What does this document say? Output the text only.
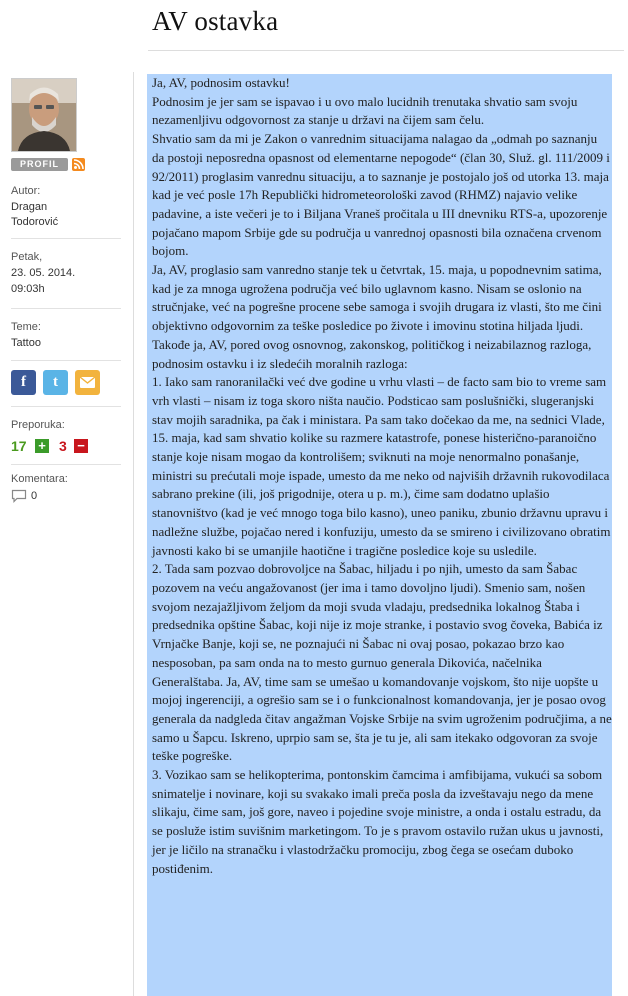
AV ostavka
PROFIL
Autor:
Dragan Todorović
Petak,
23. 05. 2014.
09:03h
Teme:
Tattoo
f	t
Preporuka:
17 + 3 −
Komentara:
0

Ja, AV, podnosim ostavku!

Podnosim je jer sam se ispavao i u ovo malo lucidnih trenutaka shvatio sam svoju nezamenljivu odgovornost za stanje u državi na čijem sam čelu.

Shvatio sam da mi je Zakon o vanrednim situacijama nalagao da „odmah po saznanju da postoji neposredna opasnost od elementarne nepogode“ (član 30, Služ. gl. 111/2009 i 92/2011) proglasim vanrednu situaciju, a to saznanje je postojalo još od utorka 13. maja kad je već posle 17h Republički hidrometeorološki zavod (RHMZ) najavio velike padavine, a iste večeri je to i Biljana Vraneš pročitala u III dnevniku RTS-a, upozorenje pojačano mapom Srbije gde su područja u vanrednoj opasnosti bila označena crvenom bojom.

Ja, AV, proglasio sam vanredno stanje tek u četvrtak, 15. maja, u popodnevnim satima, kad je za mnoga ugrožena područja već bilo uglavnom kasno. Nisam se oslonio na stručnjake, već na pogrešne procene sebe samoga i svojih drugara iz vlasti, što me čini objektivno odgovornim za teške posledice po živote i imovinu stotina hiljada ljudi.

Takođe ja, AV, pored ovog osnovnog, zakonskog, političkog i neizabilaznog razloga, podnosim ostavku i iz sledećih moralnih razloga:

1. Iako sam ranoranilački već dve godine u vrhu vlasti – de facto sam bio to vreme sam vrh vlasti – nisam iz toga skoro ništa naučio. Podsticao sam poslušnički, slugeranjski stav mojih saradnika, pa čak i ministara. Pa sam tako dočekao da me, na sednici Vlade, 15. maja, kad sam shvatio kolike su razmere katastrofe, ponese histerično-paranoično stanje koje nisam mogao da kontrolišem; sviknuti na moje nenormalno ponašanje, ministri su prećutali moje ispade, umesto da me neko od najviših državnih rukovodilaca sabrano prekine (ili, još prigodnije, otera u p. m.), čime sam dodatno uplašio stanovništvo (kad je već mnogo toga bilo kasno), uneo paniku, zbunio državnu upravu i nadležne službe, pojačao nered i konfuziju, umesto da se smireno i civilizovano obratim javnosti kako bi se umanjile haotične i tragične posledice koje su usledile.

2. Tada sam pozvao dobrovoljce na Šabac, hiljadu i po njih, umesto da sam Šabac pozovem na veću angažovanost (jer ima i tamo dovoljno ljudi). Smenio sam, nošen svojom nezajažljivom željom da moji svuda vladaju, predsednika lokalnog Štaba i predsednika opštine Šabac, koji nije iz moje stranke, i postavio svog čoveka, Babića iz Vrnjačke Banje, koji se, ne poznajući ni Šabac ni ovaj posao, pokazao brzo kao nesposoban, pa sam onda na to mesto gurnuo generala Dikovića, načelnika Generalštaba. Ja, AV, time sam se umešao u komandovanje vojskom, što nije uopšte u mojoj ingerenciji, a ogrešio sam se i o funkcionalnost komandovanja, jer je posao ovog generala da nadgleda čitav angažman Vojske Srbije na svim ugroženim područjima, a ne samo u Šapcu. Iskreno, uprpio sam se, šta je tu je, ali sam itekako odgovoran za svoje teške pogreške.

3. Vozikao sam se helikopterima, pontonskim čamcima i amfibijama, vukući sa sobom snimatelje i novinare, koji su svakako imali preča posla da izveštavaju nego da mene slikaju, čime sam, još gore, naveo i pojedine svoje ministre, a onda i ostalu estradu, da se posluže istim suvišnim marketingom. To je s pravom ostavilo ružan ukus u javnosti, jer je ličilo na stranačku i vlastodržačku promociju, zbog čega se osećam duboko postiđenim.
